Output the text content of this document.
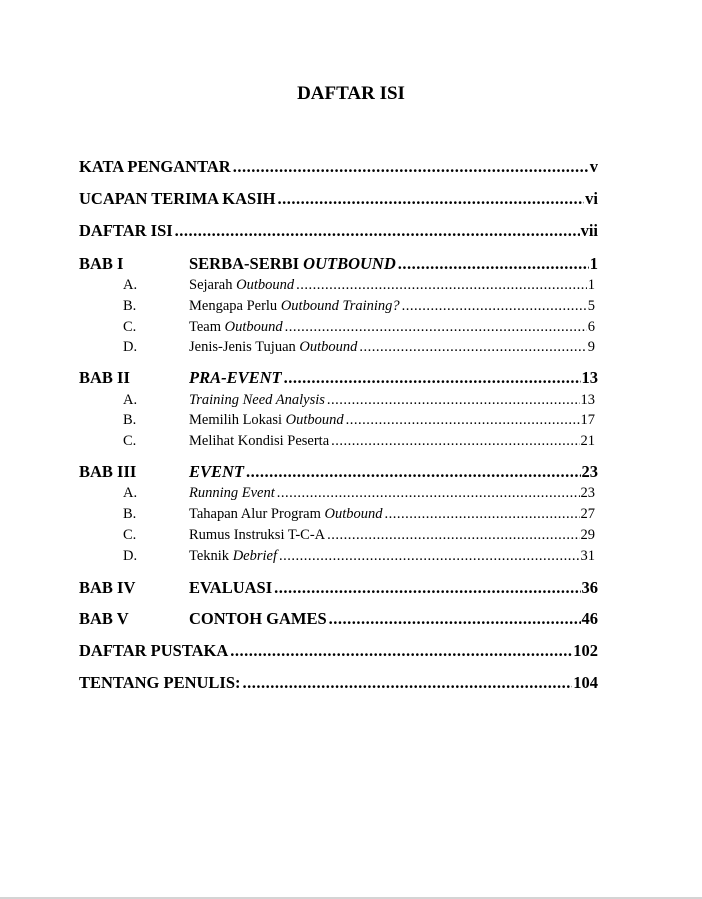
DAFTAR ISI
KATA PENGANTAR .....	v
UCAPAN TERIMA KASIH .....	vi
DAFTAR ISI .....	vii
BAB I	SERBA-SERBI OUTBOUND .....	1
A.	Sejarah Outbound .....	1
B.	Mengapa Perlu Outbound Training? .....	5
C.	Team Outbound .....	6
D.	Jenis-Jenis Tujuan Outbound .....	9
BAB II	PRA-EVENT .....	13
A.	Training Need Analysis .....	13
B.	Memilih Lokasi Outbound .....	17
C.	Melihat Kondisi Peserta .....	21
BAB III	EVENT .....	23
A.	Running Event .....	23
B.	Tahapan Alur Program Outbound .....	27
C.	Rumus Instruksi T-C-A .....	29
D.	Teknik Debrief .....	31
BAB IV	EVALUASI .....	36
BAB V	CONTOH GAMES .....	46
DAFTAR PUSTAKA .....	102
TENTANG PENULIS: .....	104
